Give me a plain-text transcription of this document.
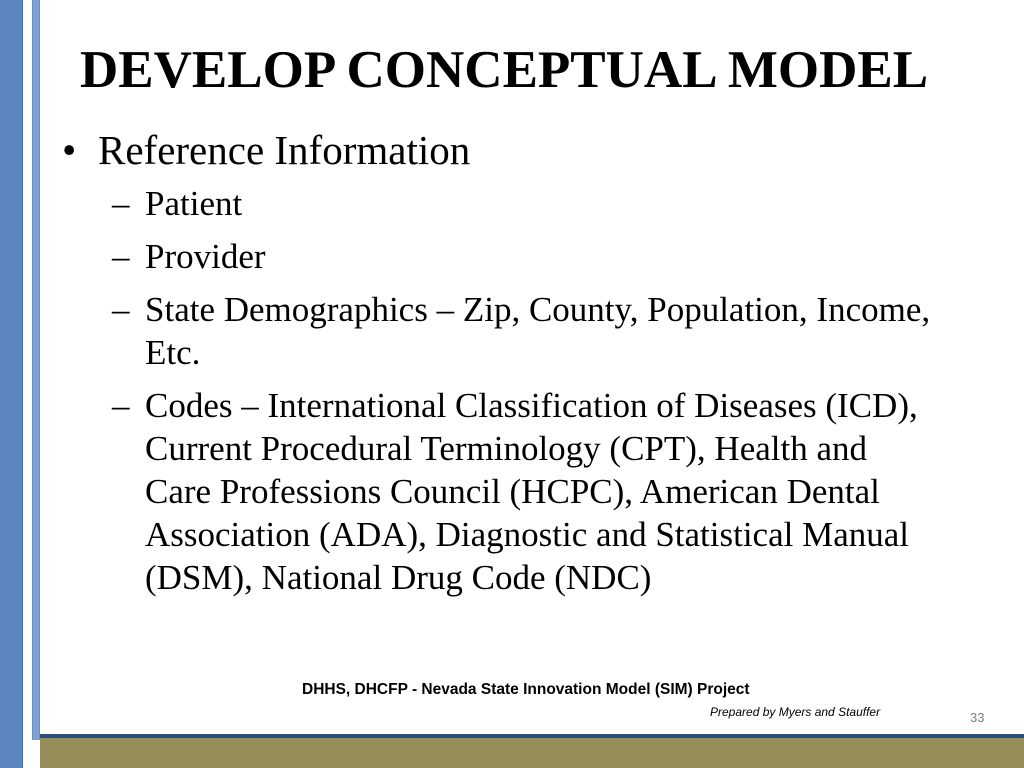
DEVELOP CONCEPTUAL MODEL
• Reference Information
– Patient
– Provider
– State Demographics – Zip, County, Population, Income, Etc.
– Codes – International Classification of Diseases (ICD), Current Procedural Terminology (CPT), Health and Care Professions Council (HCPC), American Dental Association (ADA), Diagnostic and Statistical Manual (DSM), National Drug Code (NDC)
DHHS, DHCFP - Nevada State Innovation Model (SIM) Project
Prepared by Myers and Stauffer	33
